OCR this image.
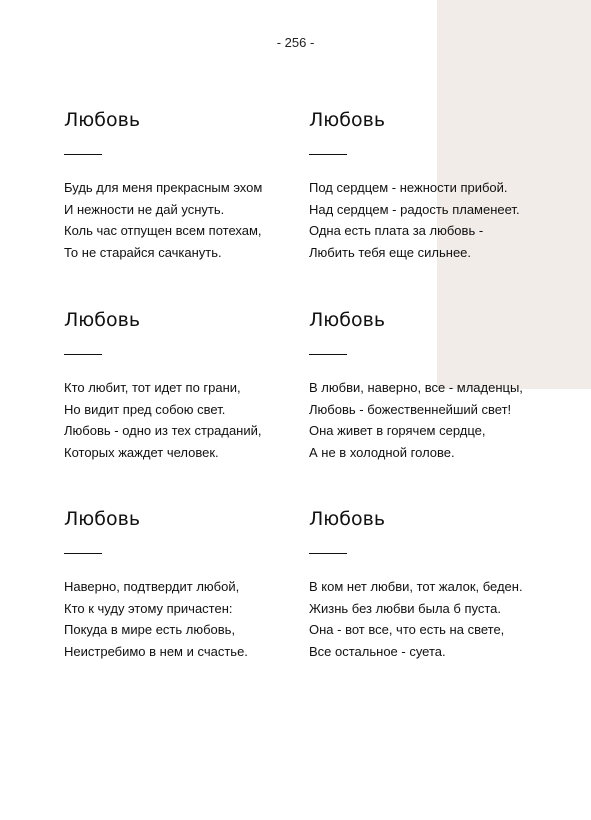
- 256 -
Любовь
Будь для меня прекрасным эхом
И нежности не дай уснуть.
Коль час отпущен всем потехам,
То не старайся сачкануть.
Любовь
Под сердцем - нежности прибой.
Над сердцем - радость пламенеет.
Одна есть плата за любовь -
Любить тебя еще сильнее.
Любовь
Кто любит, тот идет по грани,
Но видит пред собою свет.
Любовь - одно из тех страданий,
Которых жаждет человек.
Любовь
В любви, наверно, все - младенцы,
Любовь - божественнейший свет!
Она живет в горячем сердце,
А не в холодной голове.
Любовь
Наверно, подтвердит любой,
Кто к чуду этому причастен:
Покуда в мире есть любовь,
Неистребимо в нем и счастье.
Любовь
В ком нет любви, тот жалок, беден.
Жизнь без любви была б пуста.
Она - вот все, что есть на свете,
Все остальное - суета.
